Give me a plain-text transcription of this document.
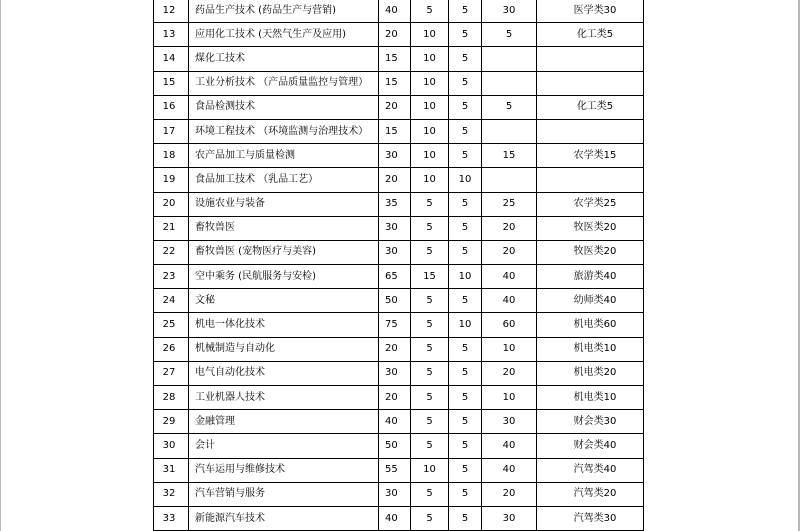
12	药品生产技术 (药品生产与营销)	40	5	5	30	医学类30
13	应用化工技术 (天然气生产及应用)	20	10	5	5	化工类5
14	煤化工技术	15	10	5		
15	工业分析技术 （产品质量监控与管理）	15	10	5		
16	食品检测技术	20	10	5	5	化工类5
17	环境工程技术 （环境监测与治理技术）	15	10	5		
18	农产品加工与质量检测	30	10	5	15	农学类15
19	食品加工技术 （乳品工艺）	20	10	10		
20	设施农业与装备	35	5	5	25	农学类25
21	畜牧兽医	30	5	5	20	牧医类20
22	畜牧兽医 (宠物医疗与美容)	30	5	5	20	牧医类20
23	空中乘务 (民航服务与安检)	65	15	10	40	旅游类40
24	文秘	50	5	5	40	幼师类40
25	机电一体化技术	75	5	10	60	机电类60
26	机械制造与自动化	20	5	5	10	机电类10
27	电气自动化技术	30	5	5	20	机电类20
28	工业机器人技术	20	5	5	10	机电类10
29	金融管理	40	5	5	30	财会类30
30	会计	50	5	5	40	财会类40
31	汽车运用与维修技术	55	10	5	40	汽驾类40
32	汽车营销与服务	30	5	5	20	汽驾类20
33	新能源汽车技术	40	5	5	30	汽驾类30
